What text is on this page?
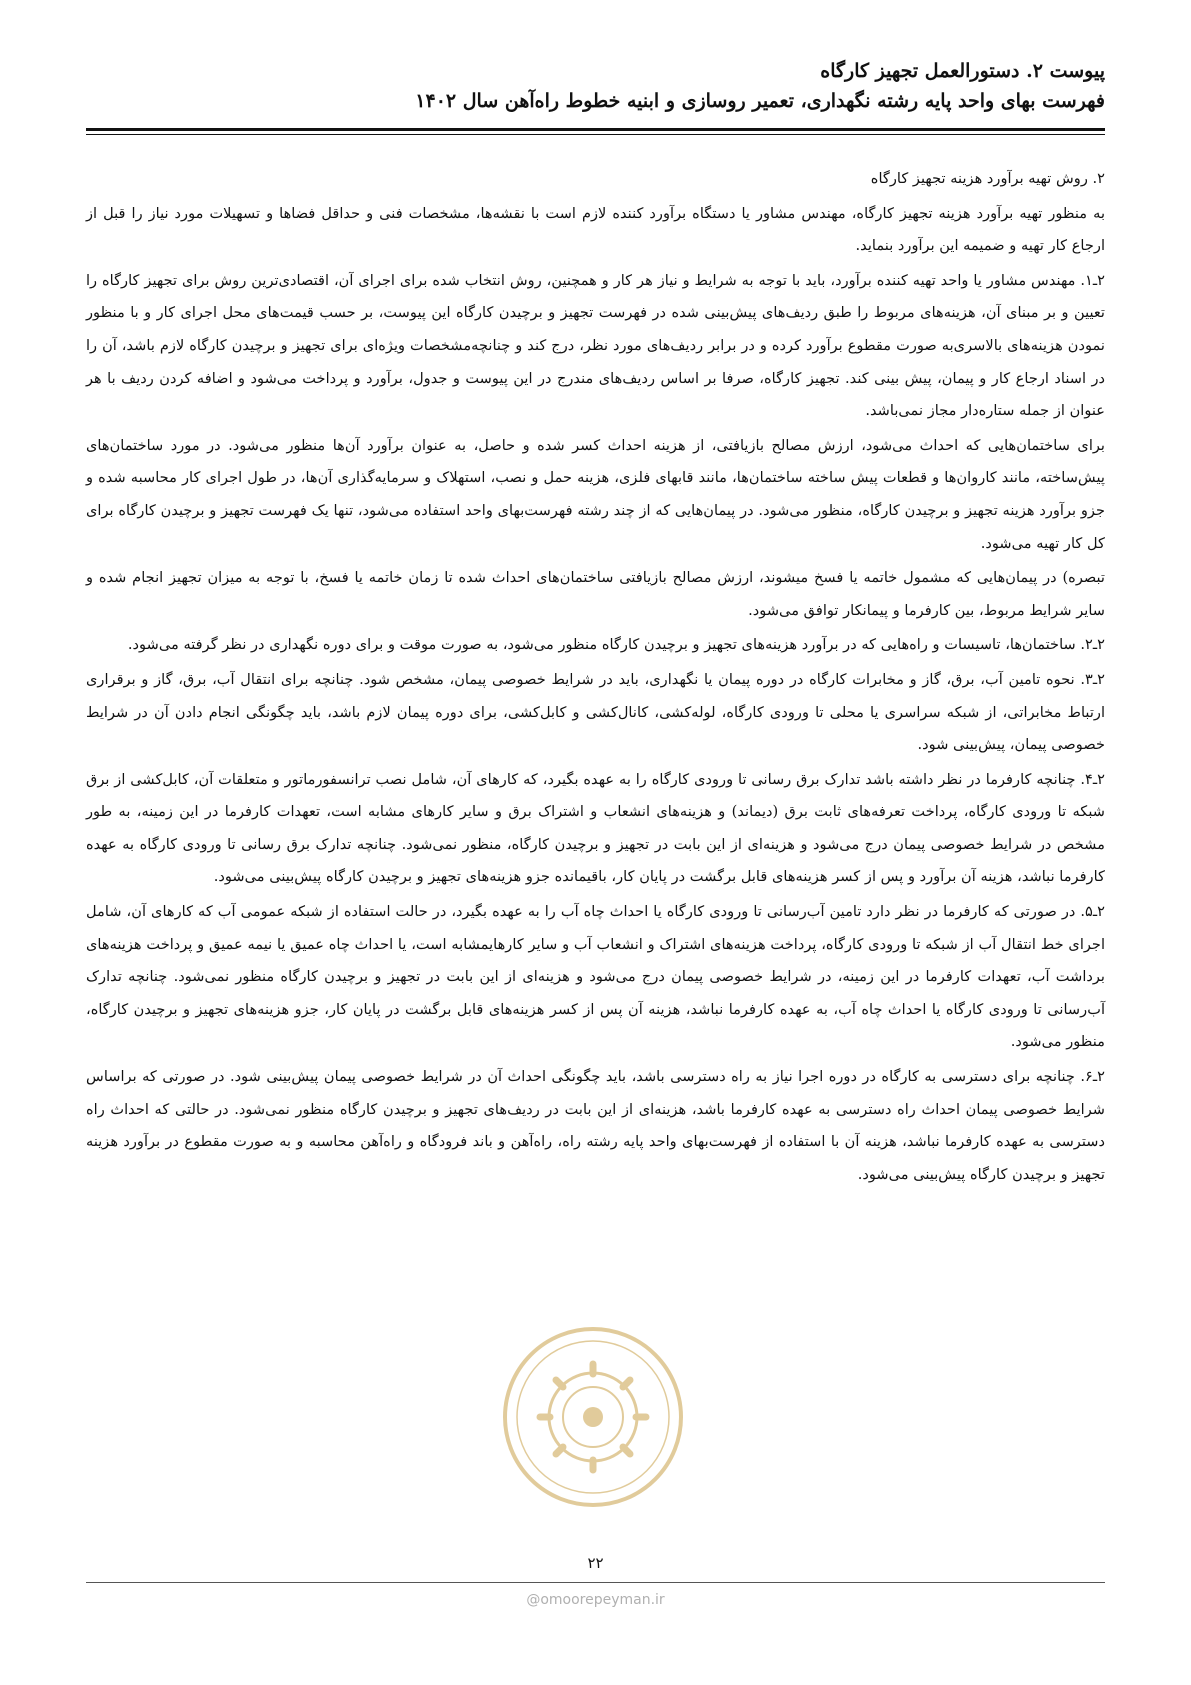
پیوست ۲. دستورالعمل تجهیز کارگاه
فهرست بهای واحد پایه رشته نگهداری، تعمیر روسازی و ابنیه خطوط راه‌آهن سال ۱۴۰۲

۲. روش تهیه برآورد هزینه تجهیز کارگاه

به منظور تهیه برآورد هزینه تجهیز کارگاه، مهندس مشاور یا دستگاه برآورد کننده لازم است با نقشه‌ها، مشخصات فنی و حداقل فضاها و تسهیلات مورد نیاز را قبل از ارجاع کار تهیه و ضمیمه این برآورد بنماید.

۲ـ۱. مهندس مشاور یا واحد تهیه کننده برآورد، باید با توجه به شرایط و نیاز هر کار و همچنین، روش انتخاب شده برای اجرای آن، اقتصادی‌ترین روش برای تجهیز کارگاه را تعیین و بر مبنای آن، هزینه‌های مربوط را طبق ردیف‌های پیش‌بینی شده در فهرست تجهیز و برچیدن کارگاه این پیوست، بر حسب قیمت‌های محل اجرای کار و با منظور نمودن هزینه‌های بالاسری‌به صورت مقطوع برآورد کرده و در برابر ردیف‌های مورد نظر، درج کند و چنانچه‌مشخصات ویژه‌ای برای تجهیز و برچیدن کارگاه لازم باشد، آن را در اسناد ارجاع کار و پیمان، پیش بینی کند. تجهیز کارگاه، صرفا بر اساس ردیف‌های مندرج در این پیوست و جدول، برآورد و پرداخت می‌شود و اضافه کردن ردیف با هر عنوان از جمله ستاره‌دار مجاز نمی‌باشد.

برای ساختمان‌هایی که احداث می‌شود، ارزش مصالح بازیافتی، از هزینه احداث کسر شده و حاصل، به عنوان برآورد آن‌ها منظور می‌شود. در مورد ساختمان‌های پیش‌ساخته، مانند کاروان‌ها و قطعات پیش ساخته ساختمان‌ها، مانند قابهای فلزی، هزینه حمل و نصب، استهلاک و سرمایه‌گذاری آن‌ها، در طول اجرای کار محاسبه شده و جزو برآورد هزینه تجهیز و برچیدن کارگاه، منظور می‌شود. در پیمان‌هایی که از چند رشته فهرست‌بهای واحد استفاده می‌شود، تنها یک فهرست تجهیز و برچیدن کارگاه برای کل کار تهیه می‌شود.

تبصره) در پیمان‌هایی که مشمول خاتمه یا فسخ میشوند، ارزش مصالح بازیافتی ساختمان‌های احداث شده تا زمان خاتمه یا فسخ، با توجه به میزان تجهیز انجام شده و سایر شرایط مربوط، بین کارفرما و پیمانکار توافق می‌شود.

۲ـ۲. ساختمان‌ها، تاسیسات و راه‌هایی که در برآورد هزینه‌های تجهیز و برچیدن کارگاه منظور می‌شود، به صورت موقت و برای دوره نگهداری در نظر گرفته می‌شود.

۲ـ۳. نحوه تامین آب، برق، گاز و مخابرات کارگاه در دوره پیمان یا نگهداری، باید در شرایط خصوصی پیمان، مشخص شود. چنانچه برای انتقال آب، برق، گاز و برقراری ارتباط مخابراتی، از شبکه سراسری یا محلی تا ورودی کارگاه، لوله‌کشی، کانال‌کشی و کابل‌کشی، برای دوره پیمان لازم باشد، باید چگونگی انجام دادن آن در شرایط خصوصی پیمان، پیش‌بینی شود.

۲ـ۴. چنانچه کارفرما در نظر داشته باشد تدارک برق رسانی تا ورودی کارگاه را به عهده بگیرد، که کارهای آن، شامل نصب ترانسفورماتور و متعلقات آن، کابل‌کشی از برق شبکه تا ورودی کارگاه، پرداخت تعرفه‌های ثابت برق (دیماند) و هزینه‌های انشعاب و اشتراک برق و سایر کارهای مشابه است، تعهدات کارفرما در این زمینه، به طور مشخص در شرایط خصوصی پیمان درج می‌شود و هزینه‌ای از این بابت در تجهیز و برچیدن کارگاه، منظور نمی‌شود. چنانچه تدارک برق رسانی تا ورودی کارگاه به عهده کارفرما نباشد، هزینه آن برآورد و پس از کسر هزینه‌های قابل برگشت در پایان کار، باقیمانده جزو هزینه‌های تجهیز و برچیدن کارگاه پیش‌بینی می‌شود.

۲ـ۵. در صورتی که کارفرما در نظر دارد تامین آب‌رسانی تا ورودی کارگاه یا احداث چاه آب را به عهده بگیرد، در حالت استفاده از شبکه عمومی آب که کارهای آن، شامل اجرای خط انتقال آب از شبکه تا ورودی کارگاه، پرداخت هزینه‌های اشتراک و انشعاب آب و سایر کارهایمشابه است، یا احداث چاه عمیق یا نیمه عمیق و پرداخت هزینه‌های برداشت آب، تعهدات کارفرما در این زمینه، در شرایط خصوصی پیمان درج می‌شود و هزینه‌ای از این بابت در تجهیز و برچیدن کارگاه منظور نمی‌شود. چنانچه تدارک آب‌رسانی تا ورودی کارگاه یا احداث چاه آب، به عهده کارفرما نباشد، هزینه آن پس از کسر هزینه‌های قابل برگشت در پایان کار، جزو هزینه‌های تجهیز و برچیدن کارگاه، منظور می‌شود.

۲ـ۶. چنانچه برای دسترسی به کارگاه در دوره اجرا نیاز به راه دسترسی باشد، باید چگونگی احداث آن در شرایط خصوصی پیمان پیش‌بینی شود. در صورتی که براساس شرایط خصوصی پیمان احداث راه دسترسی به عهده کارفرما باشد، هزینه‌ای از این بابت در ردیف‌های تجهیز و برچیدن کارگاه منظور نمی‌شود. در حالتی که احداث راه دسترسی به عهده کارفرما نباشد، هزینه آن با استفاده از فهرست‌بهای واحد پایه رشته راه، راه‌آهن و باند فرودگاه و راه‌آهن محاسبه و به صورت مقطوع در برآورد هزینه تجهیز و برچیدن کارگاه پیش‌بینی می‌شود.

۲۲
@omoorepeyman.ir
